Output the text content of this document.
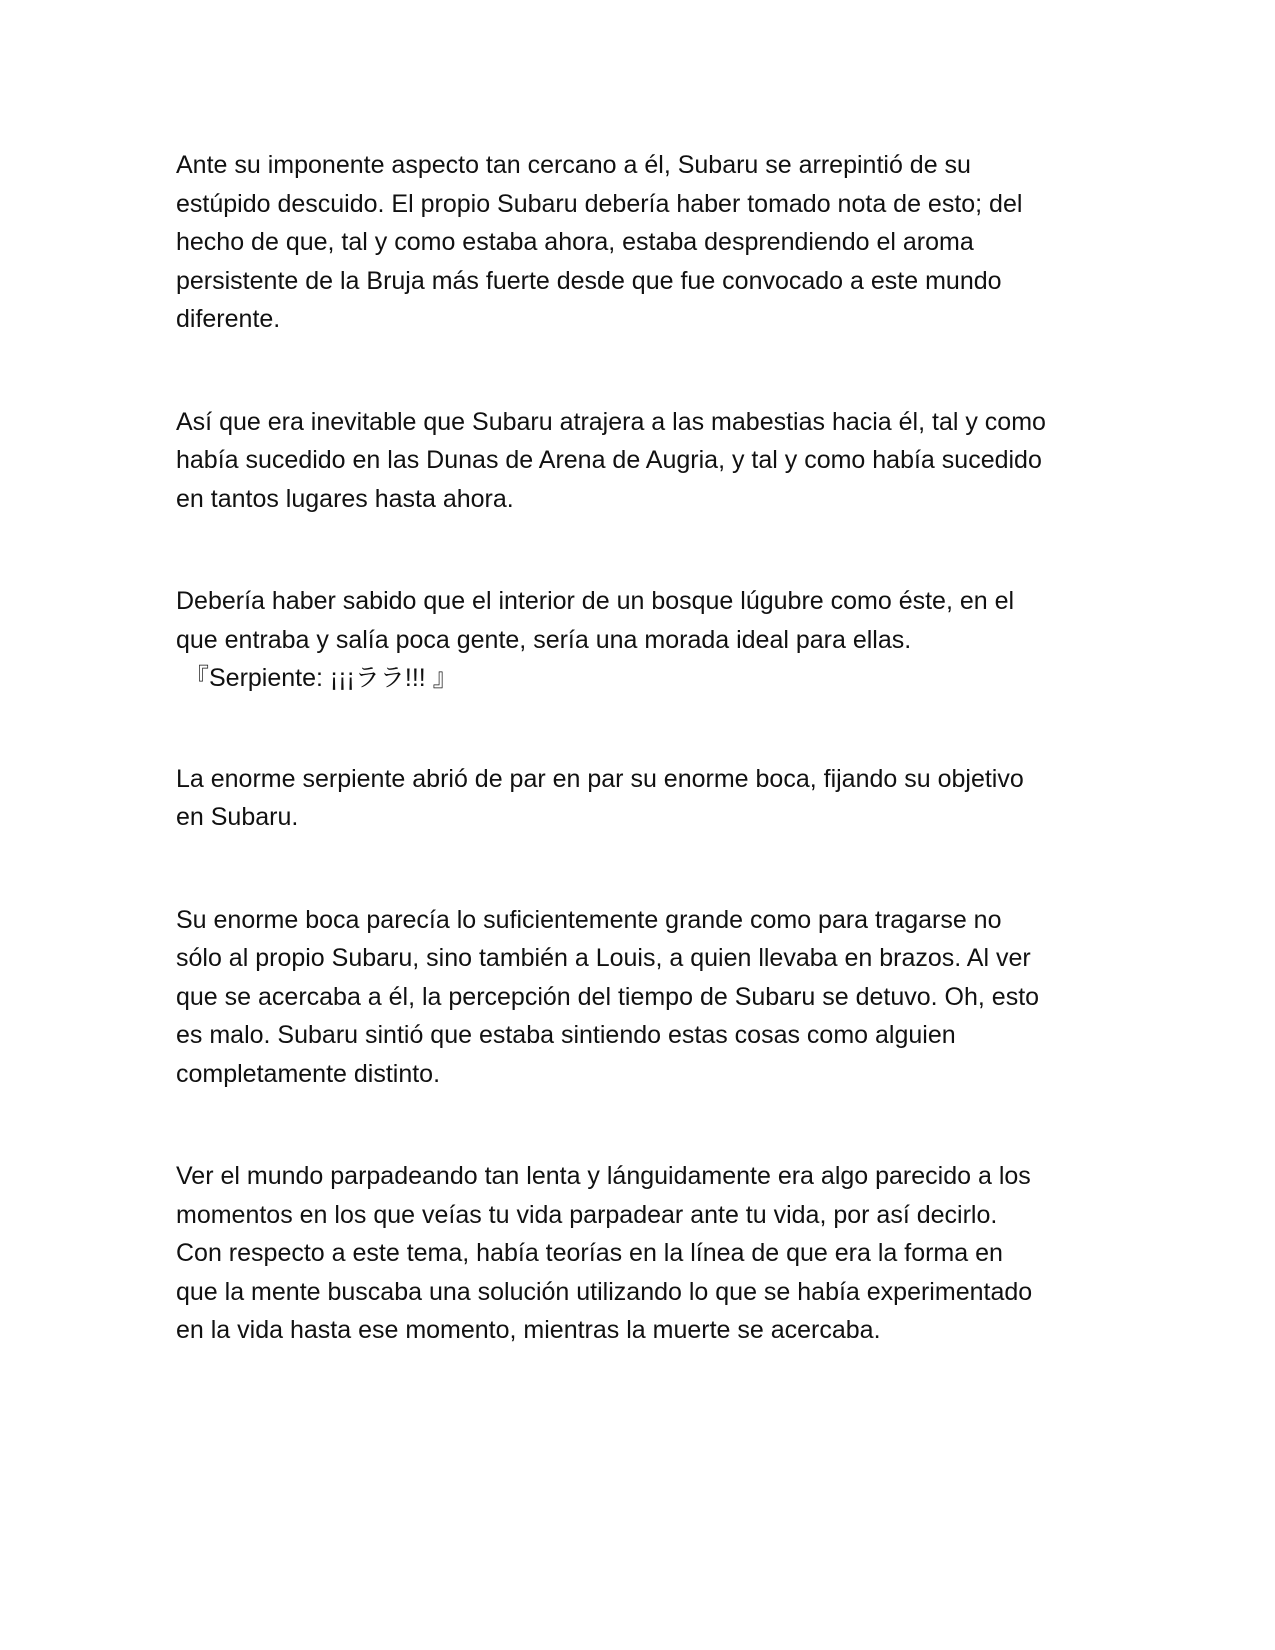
Ante su imponente aspecto tan cercano a él, Subaru se arrepintió de su
estúpido descuido. El propio Subaru debería haber tomado nota de esto; del
hecho de que, tal y como estaba ahora, estaba desprendiendo el aroma
persistente de la Bruja más fuerte desde que fue convocado a este mundo
diferente.

Así que era inevitable que Subaru atrajera a las mabestias hacia él, tal y como
había sucedido en las Dunas de Arena de Augria, y tal y como había sucedido
en tantos lugares hasta ahora.

Debería haber sabido que el interior de un bosque lúgubre como éste, en el
que entraba y salía poca gente, sería una morada ideal para ellas.

『Serpiente: ¡¡¡ララ!!! 』

La enorme serpiente abrió de par en par su enorme boca, fijando su objetivo
en Subaru.

Su enorme boca parecía lo suficientemente grande como para tragarse no
sólo al propio Subaru, sino también a Louis, a quien llevaba en brazos. Al ver
que se acercaba a él, la percepción del tiempo de Subaru se detuvo. Oh, esto
es malo. Subaru sintió que estaba sintiendo estas cosas como alguien
completamente distinto.

Ver el mundo parpadeando tan lenta y lánguidamente era algo parecido a los
momentos en los que veías tu vida parpadear ante tu vida, por así decirlo.
Con respecto a este tema, había teorías en la línea de que era la forma en
que la mente buscaba una solución utilizando lo que se había experimentado
en la vida hasta ese momento, mientras la muerte se acercaba.
